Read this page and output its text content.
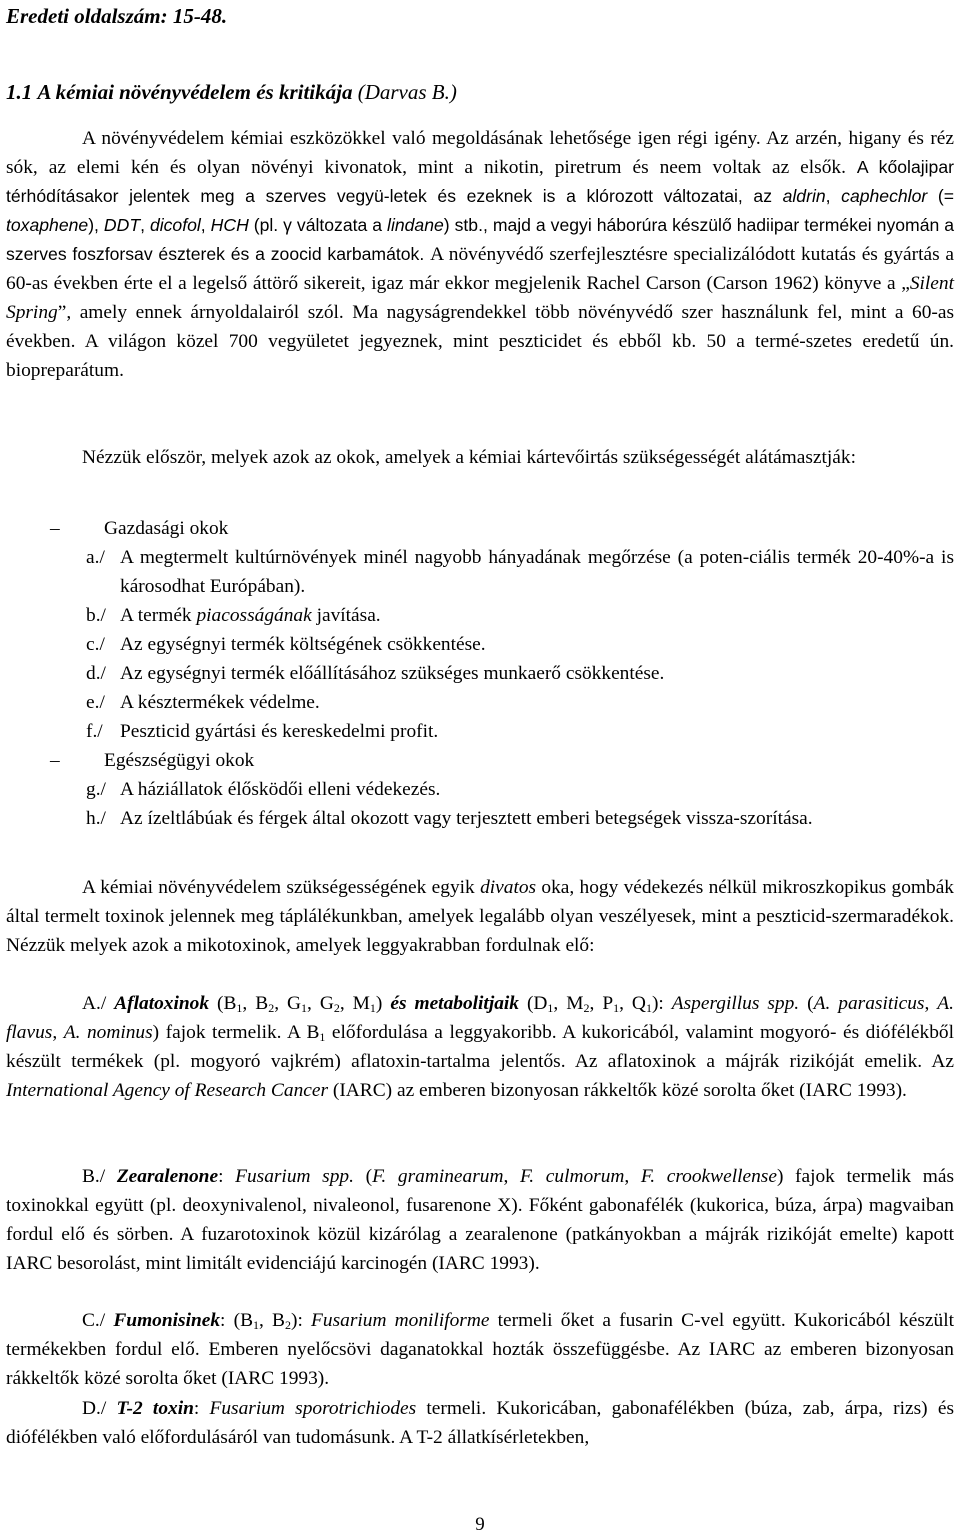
Eredeti oldalszám: 15-48.
1.1 A kémiai növényvédelem és kritikája (Darvas B.)
A növényvédelem kémiai eszközökkel való megoldásának lehetősége igen régi igény. Az arzén, higany és réz sók, az elemi kén és olyan növényi kivonatok, mint a nikotin, piretrum és neem voltak az elsők. A kőolajipar térhódításakor jelentek meg a szerves vegyü-letek és ezeknek is a klórozott változatai, az aldrin, caphechlor (= toxaphene), DDT, dicofol, HCH (pl. γ változata a lindane) stb., majd a vegyi háborúra készülő hadiipar termékei nyomán a szerves foszforsav észterek és a zoocid karbamátok. A növényvédő szerfejlesztésre specializálódott kutatás és gyártás a 60-as években érte el a legelső áttörő sikereit, igaz már ekkor megjelenik Rachel Carson (Carson 1962) könyve a „Silent Spring”, amely ennek árnyoldalairól szól. Ma nagyságrendekkel több növényvédő szer használunk fel, mint a 60-as években. A világon közel 700 vegyületet jegyeznek, mint peszticidet és ebből kb. 50 a termé-szetes eredetű ún. biopreparátum.
Nézzük először, melyek azok az okok, amelyek a kémiai kártevőirtás szükségességét alátámasztják:
– Gazdasági okok
a./ A megtermelt kultúrnövények minél nagyobb hányadának megőrzése (a poten-ciális termék 20-40%-a is károsodhat Európában).
b./ A termék piacosságának javítása.
c./ Az egységnyi termék költségének csökkentése.
d./ Az egységnyi termék előállításához szükséges munkaerő csökkentése.
e./ A késztermékek védelme.
f./ Peszticid gyártási és kereskedelmi profit.
– Egészségügyi okok
g./ A háziállatok élősködői elleni védekezés.
h./ Az ízeltlábúak és férgek által okozott vagy terjesztett emberi betegségek vissza-szorítása.
A kémiai növényvédelem szükségességének egyik divatos oka, hogy védekezés nélkül mikroszkopikus gombák által termelt toxinok jelennek meg táplálékunkban, amelyek legalább olyan veszélyesek, mint a peszticid-szermaradékok. Nézzük melyek azok a mikotoxinok, amelyek leggyakrabban fordulnak elő:
A./ Aflatoxinok ($B_1$, $B_2$, $G_1$, $G_2$, $M_1$) és metabolitjaik ($D_1$, $M_2$, $P_1$, $Q_1$): Aspergillus spp. (A. parasiticus, A. flavus, A. nominus) fajok termelik. A $B_1$ előfordulása a leggyakoribb. A kukoricából, valamint mogyoró- és diófélékből készült termékek (pl. mogyoró vajkrém) aflatoxin-tartalma jelentős. Az aflatoxinok a májrák rizikóját emelik. Az International Agency of Research Cancer (IARC) az emberen bizonyosan rákkeltők közé sorolta őket (IARC 1993).
B./ Zearalenone: Fusarium spp. (F. graminearum, F. culmorum, F. crookwellense) fajok termelik más toxinokkal együtt (pl. deoxynivalenol, nivaleonol, fusarenone X). Főként gabonafélék (kukorica, búza, árpa) magvaiban fordul elő és sörben. A fuzarotoxinok közül kizárólag a zearalenone (patkányokban a májrák rizikóját emelte) kapott IARC besorolást, mint limitált evidenciájú karcinogén (IARC 1993).
C./ Fumonisinek: ($B_1$, $B_2$): Fusarium moniliforme termeli őket a fusarin C-vel együtt. Kukoricából készült termékekben fordul elő. Emberen nyelőcsövi daganatokkal hozták összefüggésbe. Az IARC az emberen bizonyosan rákkeltők közé sorolta őket (IARC 1993).
D./ T-2 toxin: Fusarium sporotrichiodes termeli. Kukoricában, gabonafélékben (búza, zab, árpa, rizs) és diófélékben való előfordulásáról van tudomásunk. A T-2 állatkísérletekben,
9
